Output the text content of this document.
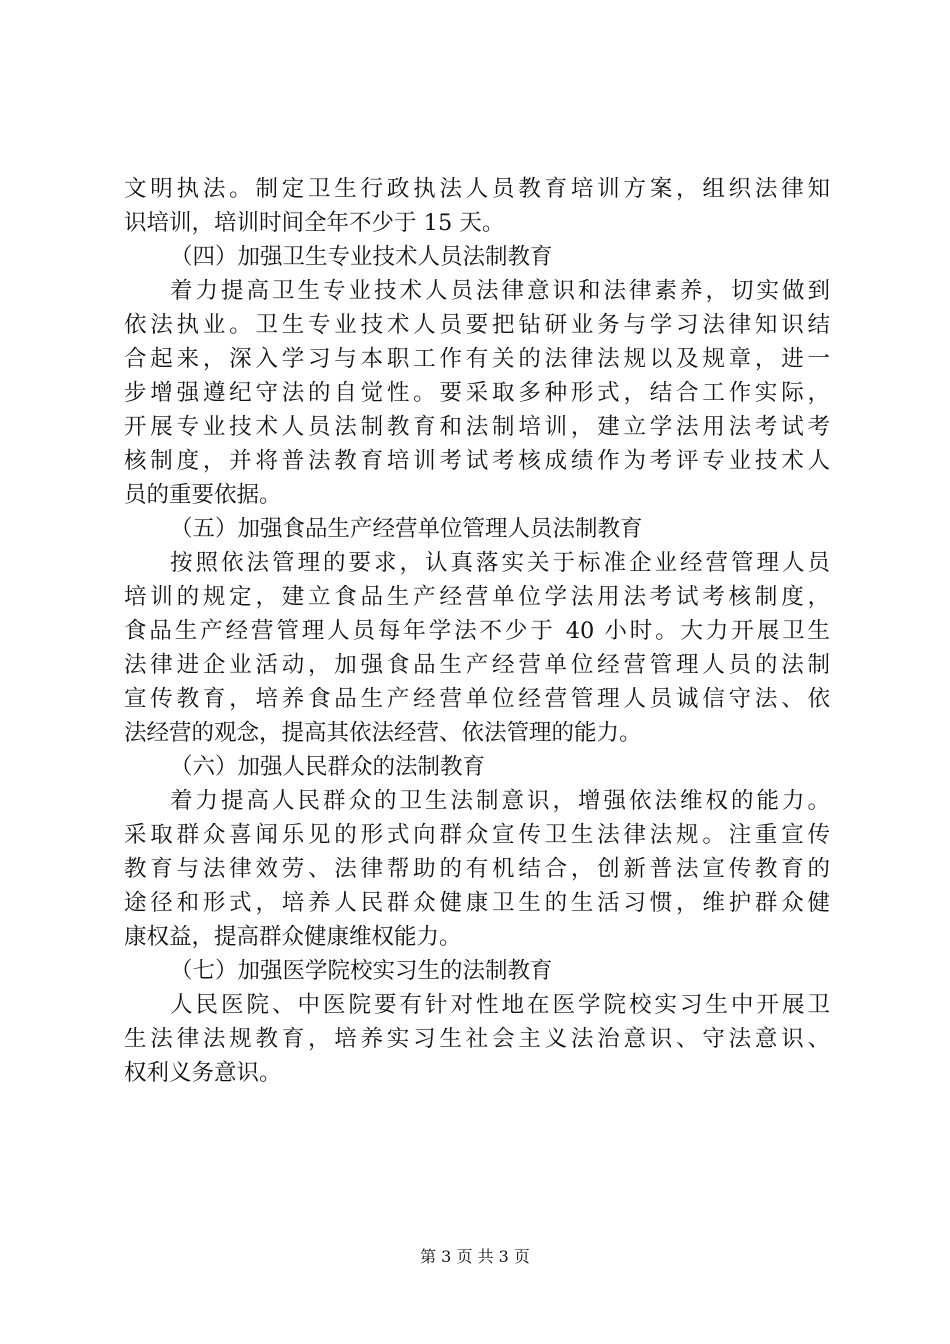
文明执法。制定卫生行政执法人员教育培训方案，组织法律知
识培训，培训时间全年不少于 15 天。
（四）加强卫生专业技术人员法制教育
着力提高卫生专业技术人员法律意识和法律素养，切实做到
依法执业。卫生专业技术人员要把钻研业务与学习法律知识结
合起来，深入学习与本职工作有关的法律法规以及规章，进一
步增强遵纪守法的自觉性。要采取多种形式，结合工作实际，
开展专业技术人员法制教育和法制培训，建立学法用法考试考
核制度，并将普法教育培训考试考核成绩作为考评专业技术人
员的重要依据。
（五）加强食品生产经营单位管理人员法制教育
按照依法管理的要求，认真落实关于标准企业经营管理人员
培训的规定，建立食品生产经营单位学法用法考试考核制度，
食品生产经营管理人员每年学法不少于 40 小时。大力开展卫生
法律进企业活动，加强食品生产经营单位经营管理人员的法制
宣传教育，培养食品生产经营单位经营管理人员诚信守法、依
法经营的观念，提高其依法经营、依法管理的能力。
（六）加强人民群众的法制教育
着力提高人民群众的卫生法制意识，增强依法维权的能力。
采取群众喜闻乐见的形式向群众宣传卫生法律法规。注重宣传
教育与法律效劳、法律帮助的有机结合，创新普法宣传教育的
途径和形式，培养人民群众健康卫生的生活习惯，维护群众健
康权益，提高群众健康维权能力。
（七）加强医学院校实习生的法制教育
人民医院、中医院要有针对性地在医学院校实习生中开展卫
生法律法规教育，培养实习生社会主义法治意识、守法意识、
权利义务意识。
第 3 页 共 3 页
